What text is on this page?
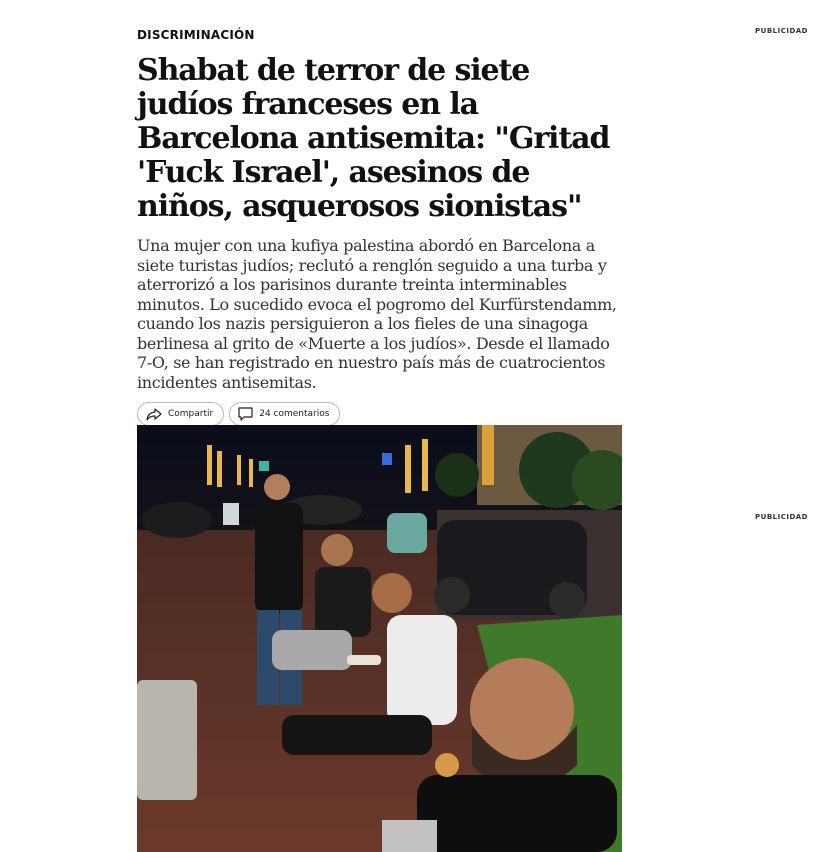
PUBLICIDAD
PUBLICIDAD
DISCRIMINACIÓN
Shabat de terror de siete judíos franceses en la Barcelona antisemita: "Gritad 'Fuck Israel', asesinos de niños, asquerosos sionistas"

Una mujer con una kufiya palestina abordó en Barcelona a siete turistas judíos; reclutó a renglón seguido a una turba y aterrorizó a los parisinos durante treinta interminables minutos. Lo sucedido evoca el pogromo del Kurfürstendamm, cuando los nazis persiguieron a los fieles de una sinagoga berlinesa al grito de «Muerte a los judíos». Desde el llamado 7-O, se han registrado en nuestro país más de cuatrocientos incidentes antisemitas.

Compartir	24 comentarios
